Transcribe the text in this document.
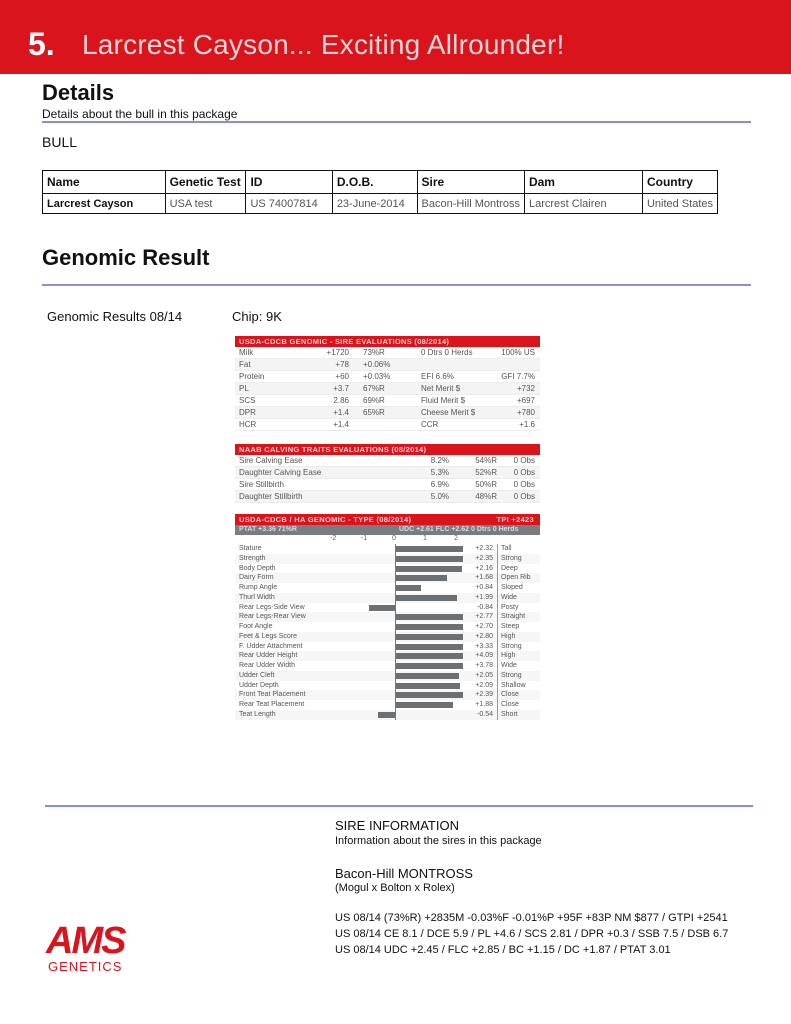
5. Larcrest Cayson... Exciting Allrounder!
Details
Details about the bull in this package
BULL
Name	Genetic Test	ID	D.O.B.	Sire	Dam	Country
Larcrest Cayson	USA test	US 74007814	23-June-2014	Bacon-Hill Montross	Larcrest Clairen	United States
Genomic Result
Genomic Results 08/14	Chip: 9K
USDA-CDCB GENOMIC - SIRE EVALUATIONS (08/2014)
Milk	+1720	73%R	0 Dtrs 0 Herds	100% US
Fat	+78	+0.06%
Protein	+60	+0.03%	EFI 6.6%	GFI 7.7%
PL	+3.7	67%R	Net Merit $	+732
SCS	2.86	69%R	Fluid Merit $	+697
DPR	+1.4	65%R	Cheese Merit $	+780
HCR	+1.4	CCR	+1.6
NAAB CALVING TRAITS EVALUATIONS (08/2014)
Sire Calving Ease	8.2%	54%R	0 Obs
Daughter Calving Ease	5.3%	52%R	0 Obs
Sire Stillbirth	6.9%	50%R	0 Obs
Daughter Stillbirth	5.0%	48%R	0 Obs
USDA-CDCB / HA GENOMIC - TYPE (08/2014)	TPI +2423
PTAT +3.36 71%R	UDC +2.61 FLC +2.62 0 Dtrs 0 Herds
-2	-1	0	1	2
Stature	+2.32	Tall
Strength	+2.35	Strong
Body Depth	+2.16	Deep
Dairy Form	+1.68	Open Rib
Rump Angle	+0.84	Sloped
Thurl Width	+1.99	Wide
Rear Legs-Side View	-0.84	Posty
Rear Legs-Rear View	+2.77	Straight
Foot Angle	+2.70	Steep
Feet & Legs Score	+2.80	High
F. Udder Attachment	+3.33	Strong
Rear Udder Height	+4.09	High
Rear Udder Width	+3.78	Wide
Udder Cleft	+2.05	Strong
Udder Depth	+2.09	Shallow
Front Teat Placement	+2.39	Close
Rear Teat Placement	+1.88	Close
Teat Length	-0.54	Short
SIRE INFORMATION
Information about the sires in this package
Bacon-Hill MONTROSS
(Mogul x Bolton x Rolex)
US 08/14 (73%R) +2835M -0.03%F -0.01%P +95F +83P NM $877 / GTPI +2541
US 08/14 CE 8.1 / DCE 5.9 / PL +4.6 / SCS 2.81 / DPR +0.3 / SSB 7.5 / DSB 6.7
US 08/14 UDC +2.45 / FLC +2.85 / BC +1.15 / DC +1.87 / PTAT 3.01
AMS
GENETICS
